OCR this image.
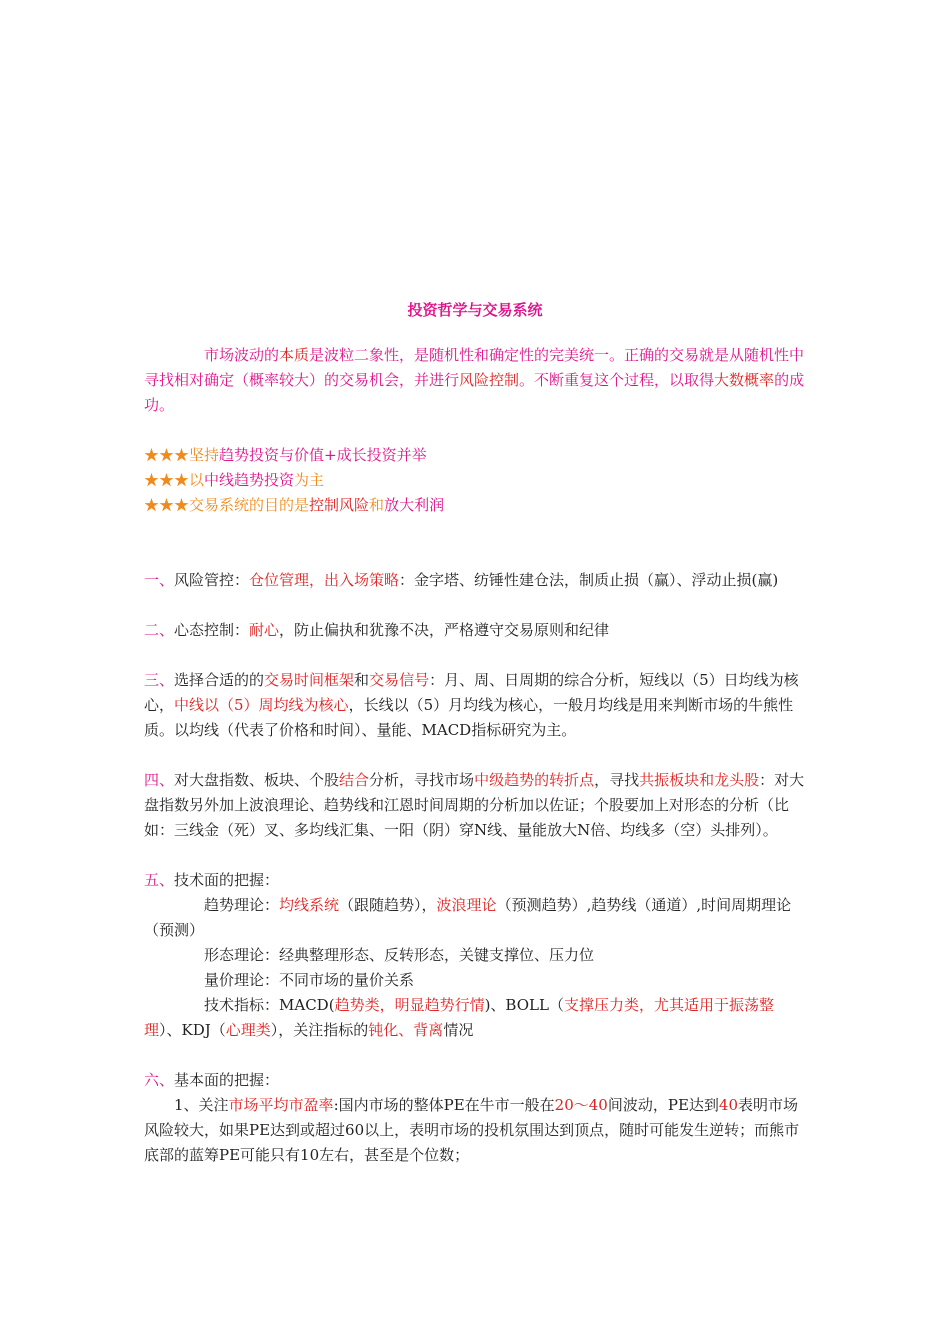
投资哲学与交易系统

市场波动的本质是波粒二象性，是随机性和确定性的完美统一。正确的交易就是从随机性中寻找相对确定（概率较大）的交易机会，并进行风险控制。不断重复这个过程，以取得大数概率的成功。

★★★坚持趋势投资与价值+成长投资并举

★★★以中线趋势投资为主

★★★交易系统的目的是控制风险和放大利润

一、风险管控：仓位管理，出入场策略：金字塔、纺锤性建仓法，制质止损（赢）、浮动止损(赢)

二、心态控制：耐心，防止偏执和犹豫不决，严格遵守交易原则和纪律

三、选择合适的的交易时间框架和交易信号：月、周、日周期的综合分析，短线以（5）日均线为核心，中线以（5）周均线为核心，长线以（5）月均线为核心，一般月均线是用来判断市场的牛熊性质。以均线（代表了价格和时间）、量能、MACD指标研究为主。

四、对大盘指数、板块、个股结合分析，寻找市场中级趋势的转折点，寻找共振板块和龙头股：对大盘指数另外加上波浪理论、趋势线和江恩时间周期的分析加以佐证；个股要加上对形态的分析（比如：三线金（死）叉、多均线汇集、一阳（阴）穿N线、量能放大N倍、均线多（空）头排列）。

五、技术面的把握：

趋势理论：均线系统（跟随趋势），波浪理论（预测趋势）,趋势线（通道）,时间周期理论（预测）

形态理论：经典整理形态、反转形态，关键支撑位、压力位

量价理论：不同市场的量价关系

技术指标：MACD(趋势类，明显趋势行情)、BOLL（支撑压力类，尤其适用于振荡整理）、KDJ（心理类），关注指标的钝化、背离情况

六、基本面的把握：

1、关注市场平均市盈率:国内市场的整体PE在牛市一般在20～40间波动，PE达到40表明市场风险较大，如果PE达到或超过60以上，表明市场的投机氛围达到顶点，随时可能发生逆转；而熊市底部的蓝筹PE可能只有10左右，甚至是个位数；
